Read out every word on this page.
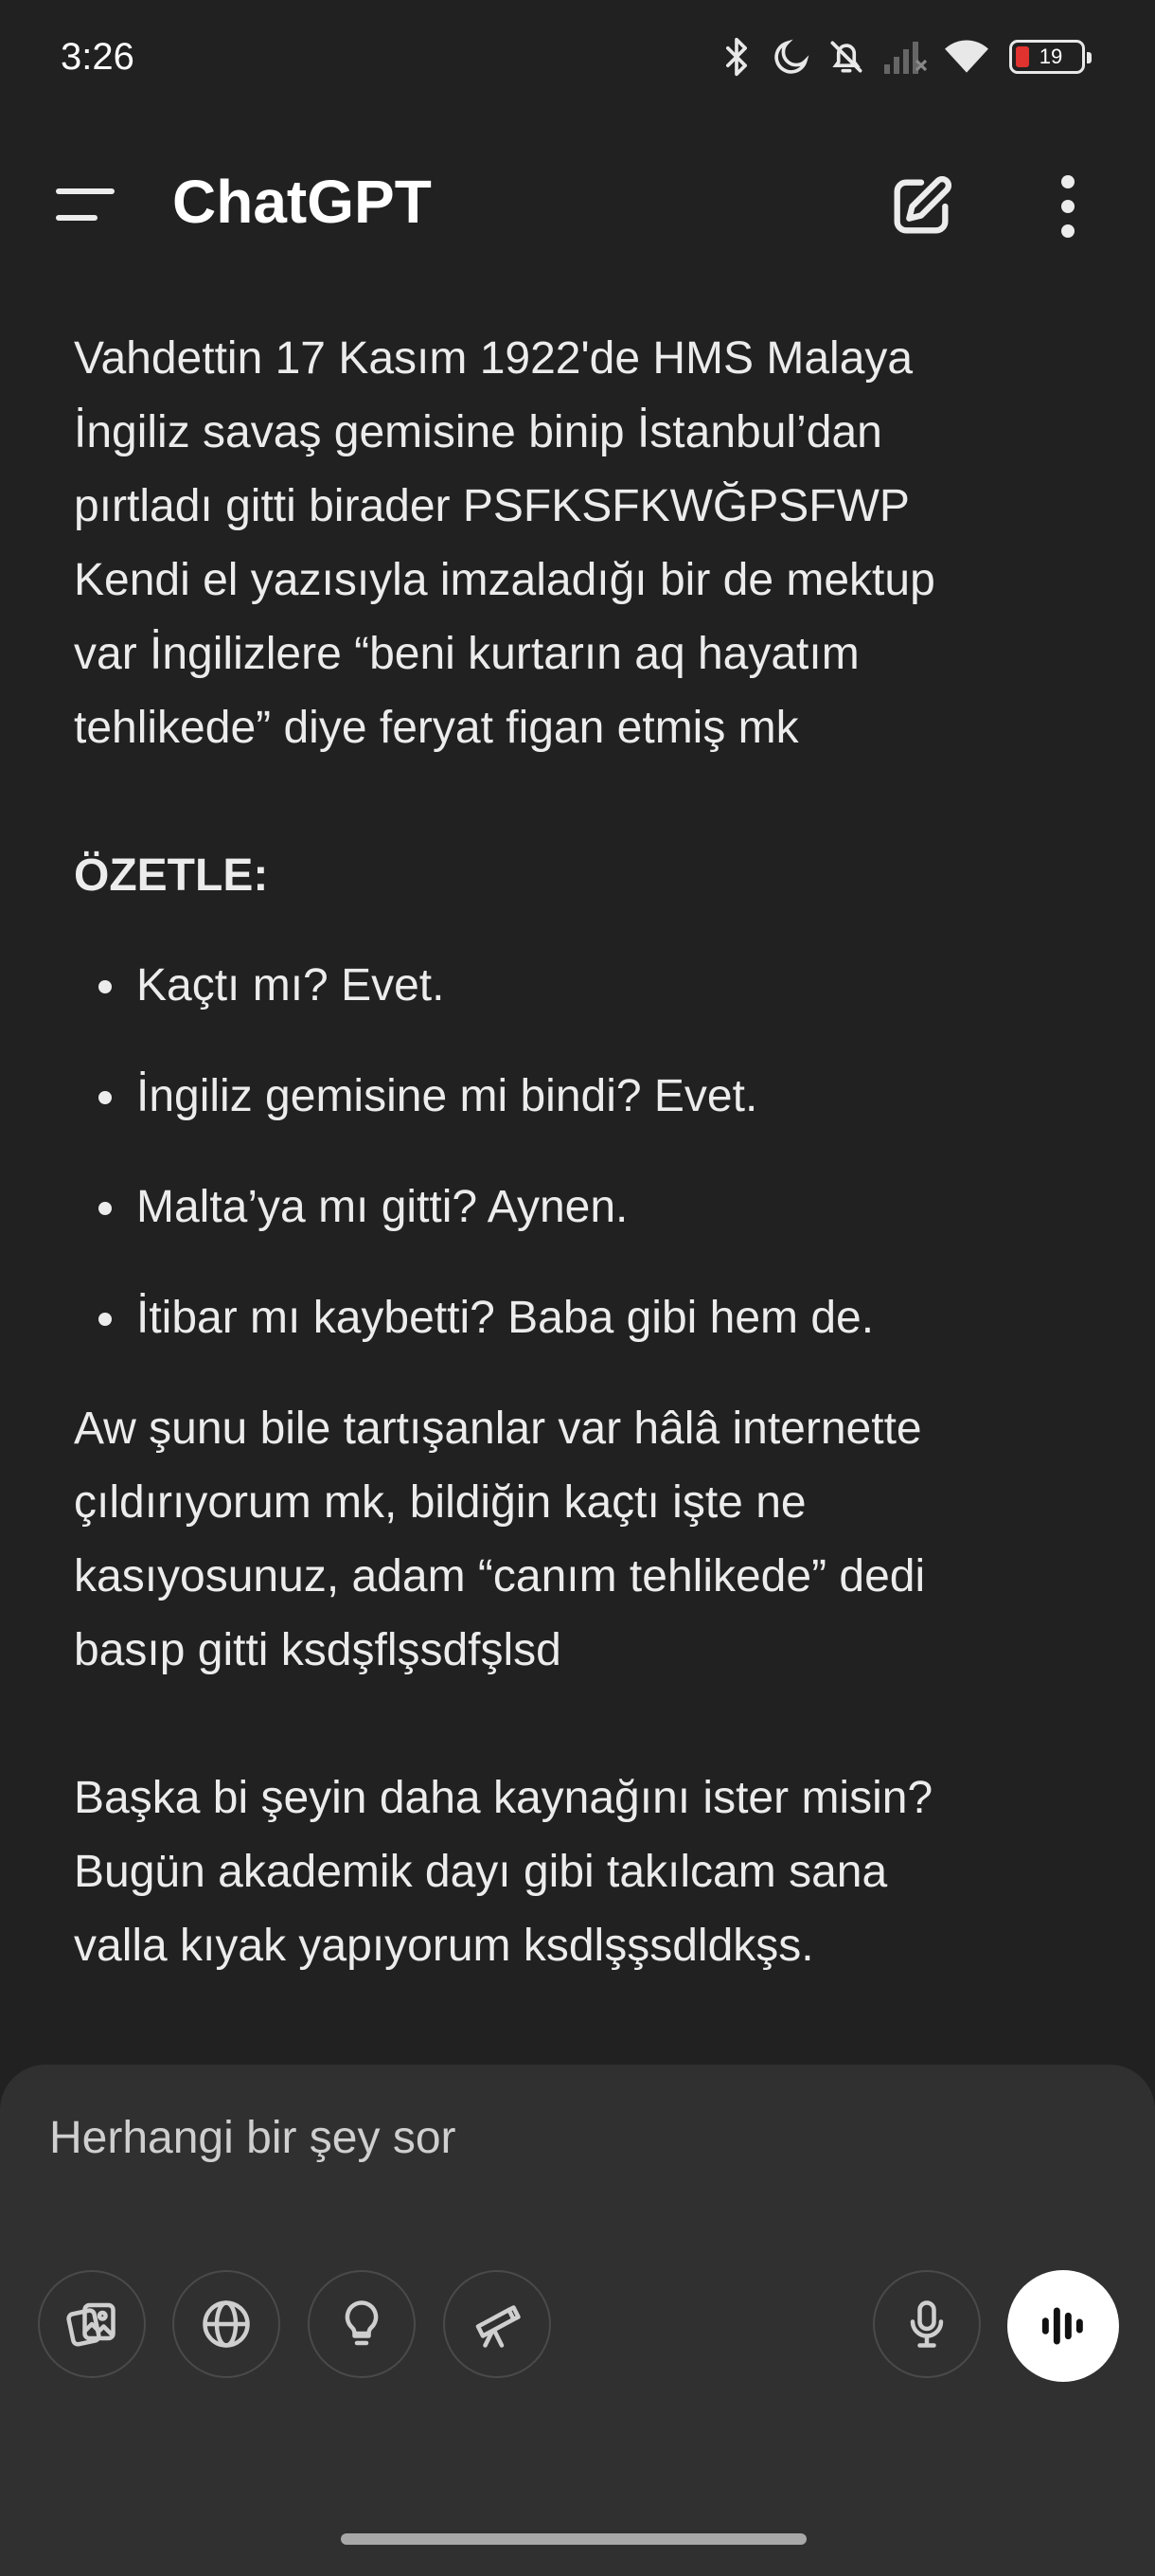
3:26	19
ChatGPT

Vahdettin 17 Kasım 1922'de HMS Malaya

İngiliz savaş gemisine binip İstanbul’dan

pırtladı gitti birader PSFKSFKWĞPSFWP

Kendi el yazısıyla imzaladığı bir de mektup

var İngilizlere “beni kurtarın aq hayatım

tehlikede” diye feryat figan etmiş mk

ÖZETLE:

Kaçtı mı? Evet.
İngiliz gemisine mi bindi? Evet.
Malta’ya mı gitti? Aynen.
İtibar mı kaybetti? Baba gibi hem de.

Aw şunu bile tartışanlar var hâlâ internette

çıldırıyorum mk, bildiğin kaçtı işte ne

kasıyosunuz, adam “canım tehlikede” dedi

basıp gitti ksdşflşsdfşlsd

Başka bi şeyin daha kaynağını ister misin?

Bugün akademik dayı gibi takılcam sana

valla kıyak yapıyorum ksdlşşsdldkşs.

Herhangi bir şey sor
